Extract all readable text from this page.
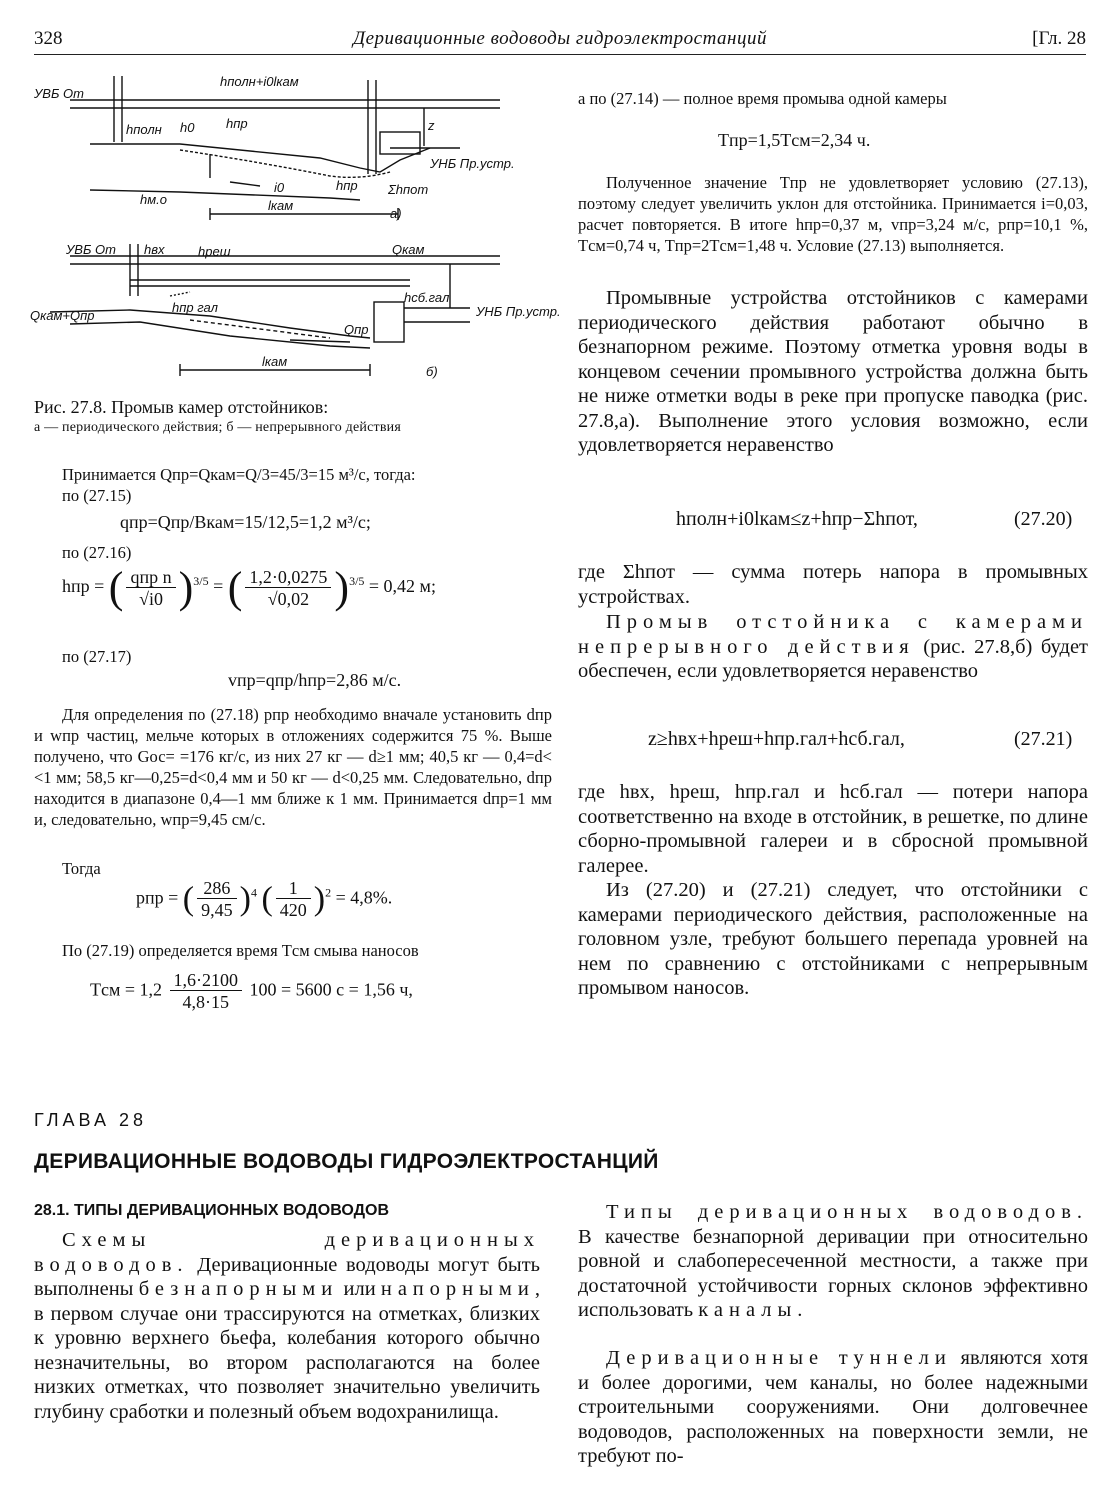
328	Деривационные водоводы гидроэлектростанций	[Гл. 28
УВБ От
hполн+i0lкам
hполн h0 hпр	z
УНБ Пр.устр.
hм.о
i0
lкам
hпр Σhпот
а)
УВБ От hвх	hреш	Qкам
hсб.гал
УНБ Пр.устр.
Qкам+Qпр
hпр гал
Qпр
lкам
б)
Рис. 27.8. Промыв камер отстойников:
а — периодического действия; б — непрерывного действия

Принимается Qпр=Qкам=Q/3=45/3=15 м³/с, тогда:

по (27.15)

qпр=Qпр/Bкам=15/12,5=1,2 м³/с;
по (27.16)
hпр = ( $\frac{\text{qпр n}}{√i0} )^{3/5}$ = ( $\frac{1,2\cdot 0,0275}{√0,02} )^{3/5} = 0,42$ м;
по (27.17)
vпр=qпр/hпр=2,86 м/с.
Для определения по (27.18) pпр необходимо вначале установить dпр и wпр частиц, мельче которых в отложениях содержится 75 %. Выше получено, что Gос= =176 кг/с, из них 27 кг — d≥1 мм; 40,5 кг — 0,4=d< <1 мм; 58,5 кг—0,25=d<0,4 мм и 50 кг — d<0,25 мм. Следовательно, dпр находится в диапазоне 0,4—1 мм ближе к 1 мм. Принимается dпр=1 мм и, следовательно, wпр=9,45 см/с.
Тогда
pпр = ( $\frac{286}{9,45} )^4$ ( $\frac{1}{420} )^2 = 4,8\%$.
По (27.19) определяется время Tсм смыва наносов
Tсм = $1,2 \frac{1,6\cdot 2100}{4,8\cdot 15} 100 = 5600$ с = 1,56 ч,
а по (27.14) — полное время промыва одной камеры
Tпр=1,5Tсм=2,34 ч.
Полученное значение Tпр не удовлетворяет условию (27.13), поэтому следует увеличить уклон для отстойника. Принимается i=0,03, расчет повторяется. В итоге hпр=0,37 м, vпр=3,24 м/с, pпр=10,1 %, Tсм=0,74 ч, Tпр=2Tсм=1,48 ч. Условие (27.13) выполняется.
Промывные устройства отстойников с камерами периодического действия работают обычно в безнапорном режиме. Поэтому отметка уровня воды в концевом сечении промывного устройства должна быть не ниже отметки воды в реке при пропуске паводка (рис. 27.8,а). Выполнение этого условия возможно, если удовлетворяется неравенство
hполн+i0lкам≤z+hпр−Σhпот,	(27.20)
где Σhпот — сумма потерь напора в промывных устройствах.
Промыв отстойника с камерами непрерывного действия (рис. 27.8,б) будет обеспечен, если удовлетворяется неравенство
z≥hвх+hреш+hпр.гал+hсб.гал,	(27.21)
где hвх, hреш, hпр.гал и hсб.гал — потери напора соответственно на входе в отстойник, в решетке, по длине сборно-промывной галереи и в сбросной промывной галерее.
Из (27.20) и (27.21) следует, что отстойники с камерами периодического действия, расположенные на головном узле, требуют большего перепада уровней на нем по сравнению с отстойниками с непрерывным промывом наносов.
ГЛАВА 28
ДЕРИВАЦИОННЫЕ ВОДОВОДЫ ГИДРОЭЛЕКТРОСТАНЦИЙ
28.1. ТИПЫ ДЕРИВАЦИОННЫХ ВОДОВОДОВ
Схемы деривационных водоводов. Деривационные водоводы могут быть выполнены безнапорными или напорными, в первом случае они трассируются на отметках, близких к уровню верхнего бьефа, колебания которого обычно незначительны, во втором располагаются на более низких отметках, что позволяет значительно увеличить глубину сработки и полезный объем водохранилища.
Типы деривационных водоводов. В качестве безнапорной деривации при относительно ровной и слабопересеченной местности, а также при достаточной устойчивости горных склонов эффективно использовать каналы.
Деривационные туннели являются хотя и более дорогими, чем каналы, но более надежными строительными сооружениями. Они долговечнее водоводов, расположенных на поверхности земли, не требуют по-
